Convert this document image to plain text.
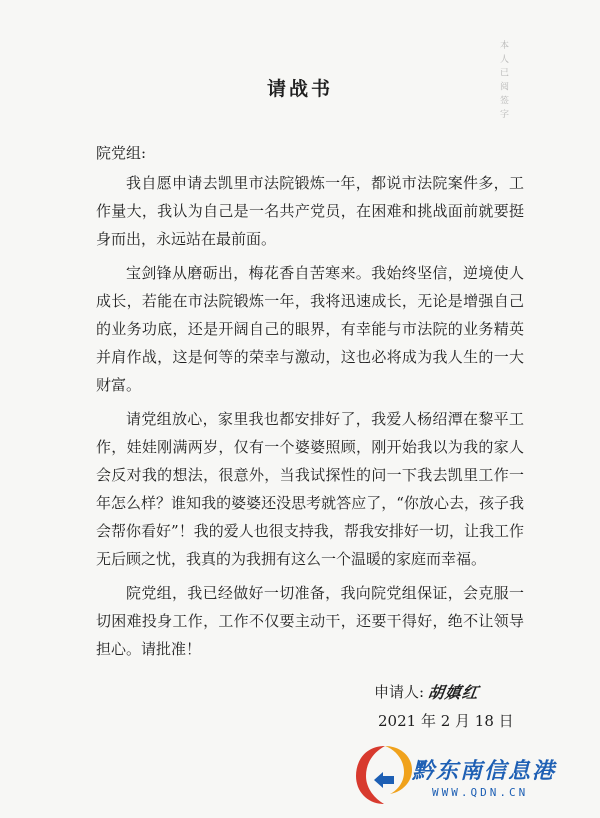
本 人 已 阅 签 字
请战书
院党组:

我自愿申请去凯里市法院锻炼一年，都说市法院案件多，工作量大，我认为自己是一名共产党员，在困难和挑战面前就要挺身而出，永远站在最前面。

宝剑锋从磨砺出，梅花香自苦寒来。我始终坚信，逆境使人成长，若能在市法院锻炼一年，我将迅速成长，无论是增强自己的业务功底，还是开阔自己的眼界，有幸能与市法院的业务精英并肩作战，这是何等的荣幸与激动，这也必将成为我人生的一大财富。

请党组放心，家里我也都安排好了，我爱人杨绍潭在黎平工作，娃娃刚满两岁，仅有一个婆婆照顾，刚开始我以为我的家人会反对我的想法，很意外，当我试探性的问一下我去凯里工作一年怎么样？谁知我的婆婆还没思考就答应了，“你放心去，孩子我会帮你看好”！我的爱人也很支持我，帮我安排好一切，让我工作无后顾之忧，我真的为我拥有这么一个温暖的家庭而幸福。

院党组，我已经做好一切准备，我向院党组保证，会克服一切困难投身工作，工作不仅要主动干，还要干得好，绝不让领导担心。请批准！

申请人: 胡嫃红
2021 年 2 月 18 日
黔东南信息港
WWW.QDN.CN
